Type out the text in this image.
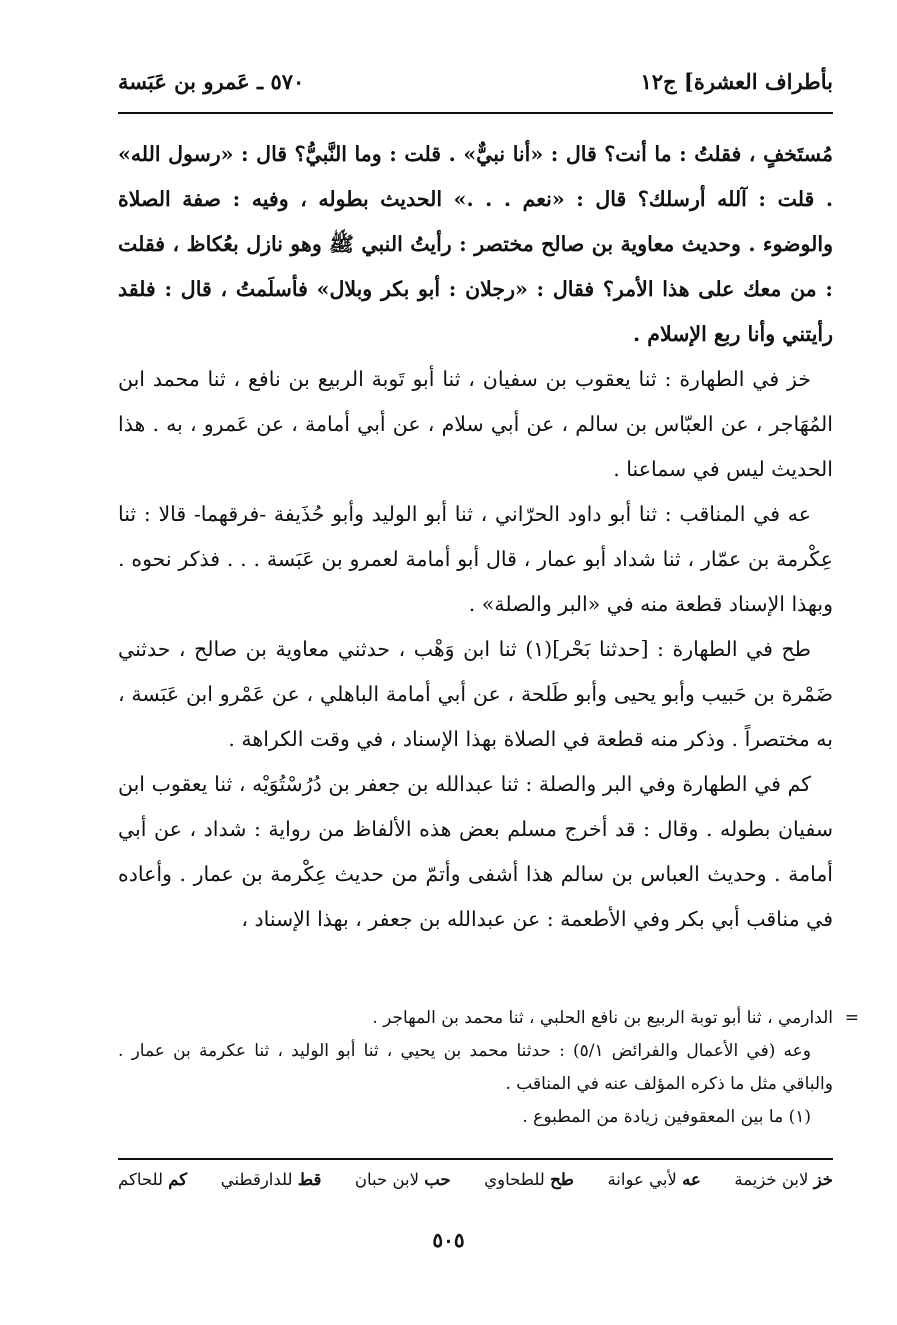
بأطراف العشرة] ج١٢
٥٧٠ ـ عَمرو بن عَبَسة

مُستَخفٍ ، فقلتُ : ما أنت؟ قال : «أنا نبيٌّ» . قلت : وما النَّبيُّ؟ قال : «رسول الله» . قلت : آلله أرسلك؟ قال : «نعم . . .» الحديث بطوله ، وفيه : صفة الصلاة والوضوء . وحديث معاوية بن صالح مختصر : رأيتُ النبي ﷺ وهو نازل بعُكاظ ، فقلت : من معك على هذا الأمر؟ فقال : «رجلان : أبو بكر وبلال» فأسلَمتُ ، قال : فلقد رأيتني وأنا ربع الإسلام .

خز في الطهارة : ثنا يعقوب بن سفيان ، ثنا أبو تَوبة الربيع بن نافع ، ثنا محمد ابن المُهَاجر ، عن العبّاس بن سالم ، عن أبي سلام ، عن أبي أمامة ، عن عَمرو ، به . هذا الحديث ليس في سماعنا .

عه في المناقب : ثنا أبو داود الحرّاني ، ثنا أبو الوليد وأبو حُذَيفة -فرقهما- قالا : ثنا عِكْرمة بن عمّار ، ثنا شداد أبو عمار ، قال أبو أمامة لعمرو بن عَبَسة . . . فذكر نحوه . وبهذا الإسناد قطعة منه في «البر والصلة» .

طح في الطهارة : [حدثنا بَحْر](١) ثنا ابن وَهْب ، حدثني معاوية بن صالح ، حدثني ضَمْرة بن حَبيب وأبو يحيى وأبو طَلحة ، عن أبي أمامة الباهلي ، عن عَمْرو ابن عَبَسة ، به مختصراً . وذكر منه قطعة في الصلاة بهذا الإسناد ، في وقت الكراهة .

كم في الطهارة وفي البر والصلة : ثنا عبدالله بن جعفر بن دُرُسْتُوَيْه ، ثنا يعقوب ابن سفيان بطوله . وقال : قد أخرج مسلم بعض هذه الألفاظ من رواية : شداد ، عن أبي أمامة . وحديث العباس بن سالم هذا أشفى وأتمّ من حديث عِكْرمة بن عمار . وأعاده في مناقب أبي بكر وفي الأطعمة : عن عبدالله بن جعفر ، بهذا الإسناد ،

=

الدارمي ، ثنا أبو توبة الربيع بن نافع الحلبي ، ثنا محمد بن المهاجر .

وعه (في الأعمال والفرائض ٥/١) : حدثنا محمد بن يحيي ، ثنا أبو الوليد ، ثنا عكرمة بن عمار . والباقي مثل ما ذكره المؤلف عنه في المناقب .

(١) ما بين المعقوفين زيادة من المطبوع .

خز لابن خزيمة
عه لأبي عوانة
طح للطحاوي
حب لابن حبان
قط للدارقطني
كم للحاكم
٥٠٥
